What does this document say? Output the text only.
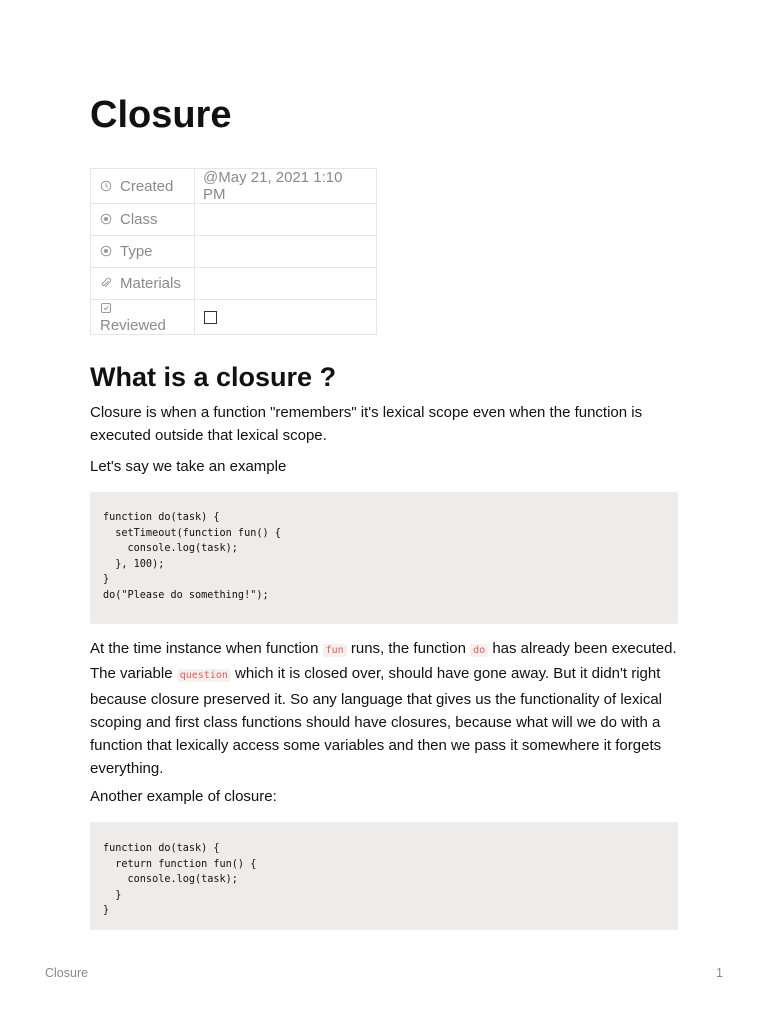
Closure
Created	@May 21, 2021 1:10 PM

Class	

Type	

Materials	

Reviewed	
What is a closure ?

Closure is when a function "remembers" it's lexical scope even when the function is executed outside that lexical scope.

Let's say we take an example

function do(task) {
setTimeout(function fun() {
console.log(task);
}, 100);
}
do("Please do something!");

At the time instance when function fun runs, the function do has already been executed. The variable question which it is closed over, should have gone away. But it didn't right because closure preserved it. So any language that gives us the functionality of lexical scoping and first class functions should have closures, because what will we do with a function that lexically access some variables and then we pass it somewhere it forgets everything.

Another example of closure:

function do(task) {
return function fun() {
console.log(task);
}
}
Closure	1
